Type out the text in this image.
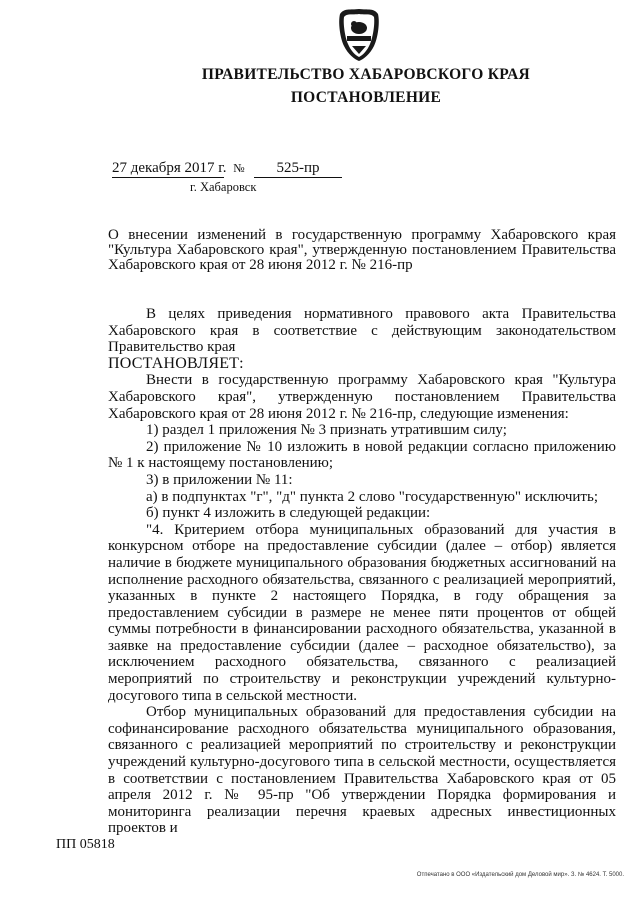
ПРАВИТЕЛЬСТВО ХАБАРОВСКОГО КРАЯ
ПОСТАНОВЛЕНИЕ
27 декабря 2017 г. № 525-пр
г. Хабаровск
О внесении изменений в государственную программу Хабаровского края "Культура Хабаровского края", утвержденную постановлением Правительства Хабаровского края от 28 июня 2012 г. № 216-пр

В целях приведения нормативного правового акта Правительства Хабаровского края в соответствие с действующим законодательством Правительство края

ПОСТАНОВЛЯЕТ:

Внести в государственную программу Хабаровского края "Культура Хабаровского края", утвержденную постановлением Правительства Хабаровского края от 28 июня 2012 г. № 216-пр, следующие изменения:

1) раздел 1 приложения № 3 признать утратившим силу;

2) приложение № 10 изложить в новой редакции согласно приложению № 1 к настоящему постановлению;

3) в приложении № 11:

а) в подпунктах "г", "д" пункта 2 слово "государственную" исключить;

б) пункт 4 изложить в следующей редакции:

"4. Критерием отбора муниципальных образований для участия в конкурсном отборе на предоставление субсидии (далее – отбор) является наличие в бюджете муниципального образования бюджетных ассигнований на исполнение расходного обязательства, связанного с реализацией мероприятий, указанных в пункте 2 настоящего Порядка, в году обращения за предоставлением субсидии в размере не менее пяти процентов от общей суммы потребности в финансировании расходного обязательства, указанной в заявке на предоставление субсидии (далее – расходное обязательство), за исключением расходного обязательства, связанного с реализацией мероприятий по строительству и реконструкции учреждений культурно-досугового типа в сельской местности.

Отбор муниципальных образований для предоставления субсидии на софинансирование расходного обязательства муниципального образования, связанного с реализацией мероприятий по строительству и реконструкции учреждений культурно-досугового типа в сельской местности, осуществляется в соответствии с постановлением Правительства Хабаровского края от 05 апреля 2012 г. № 95-пр "Об утверждении Порядка формирования и мониторинга реализации перечня краевых адресных инвестиционных проектов и

ПП 05818
Отпечатано в ООО «Издательский дом Деловой мир». З. № 4624. Т. 5000.
